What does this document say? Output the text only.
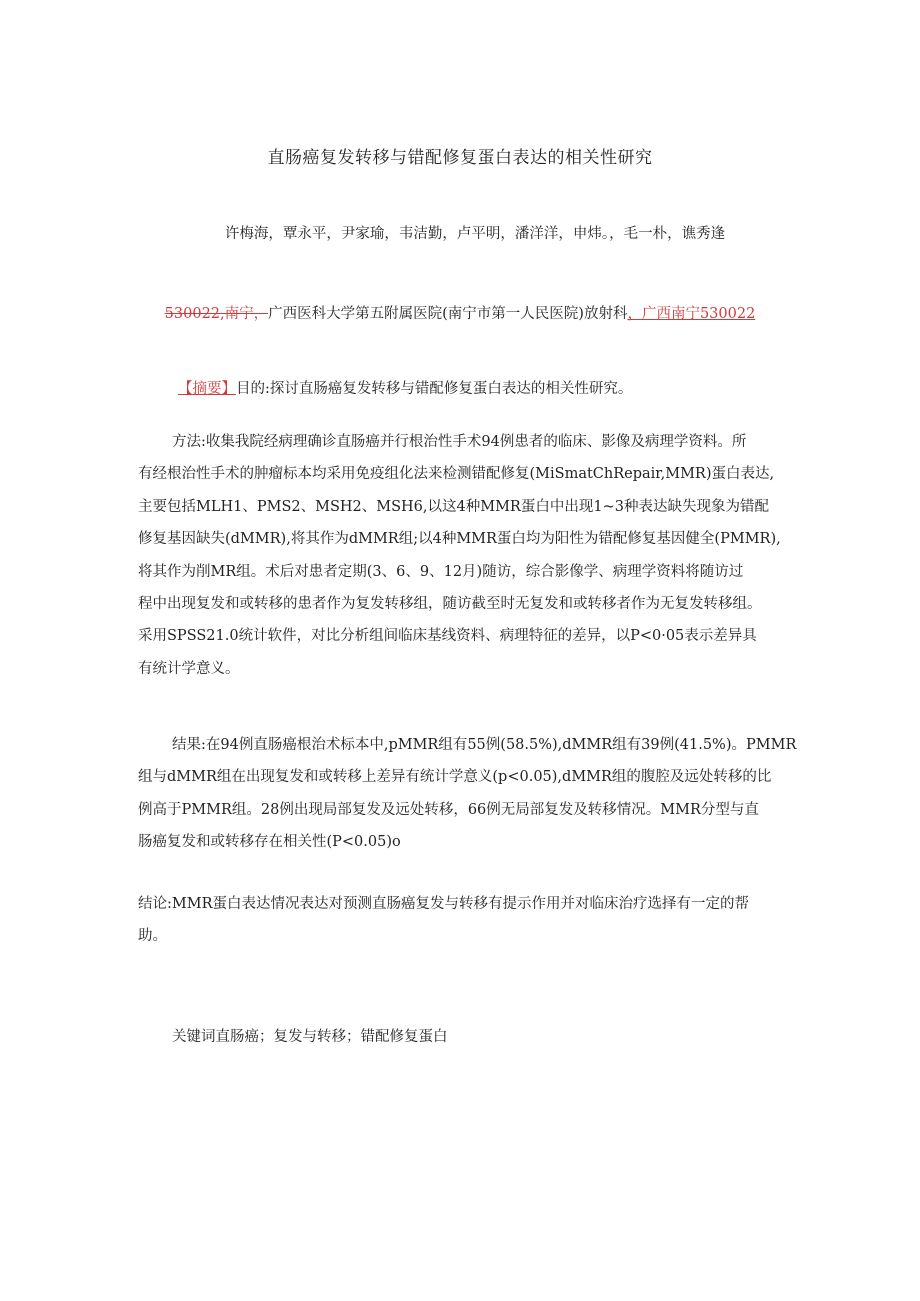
直肠癌复发转移与错配修复蛋白表达的相关性研究
许梅海，覃永平，尹家瑜，韦洁勤，卢平明，潘洋洋，申炜。，毛一朴，谯秀逢
530022,南宁，广西医科大学第五附属医院(南宁市第一人民医院)放射科，广西南宁530022
【摘要】目的:探讨直肠癌复发转移与错配修复蛋白表达的相关性研究。
方法:收集我院经病理确诊直肠癌并行根治性手术94例患者的临床、影像及病理学资料。所
有经根治性手术的肿瘤标本均采用免疫组化法来检测错配修复(MiSmatChRepair,MMR)蛋白表达,
主要包括MLH1、PMS2、MSH2、MSH6,以这4种MMR蛋白中出现1~3种表达缺失现象为错配
修复基因缺失(dMMR),将其作为dMMR组;以4种MMR蛋白均为阳性为错配修复基因健全(PMMR),
将其作为削MR组。术后对患者定期(3、6、9、12月)随访，综合影像学、病理学资料将随访过
程中出现复发和或转移的患者作为复发转移组，随访截至时无复发和或转移者作为无复发转移组。
采用SPSS21.0统计软件，对比分析组间临床基线资料、病理特征的差异，以P<0·05表示差异具
有统计学意义。
结果:在94例直肠癌根治术标本中,pMMR组有55例(58.5%),dMMR组有39例(41.5%)。PMMR
组与dMMR组在出现复发和或转移上差异有统计学意义(p<0.05),dMMR组的腹腔及远处转移的比
例高于PMMR组。28例出现局部复发及远处转移，66例无局部复发及转移情况。MMR分型与直
肠癌复发和或转移存在相关性(P<0.05)o
结论:MMR蛋白表达情况表达对预测直肠癌复发与转移有提示作用并对临床治疗选择有一定的帮
助。
关键词直肠癌；复发与转移；错配修复蛋白
